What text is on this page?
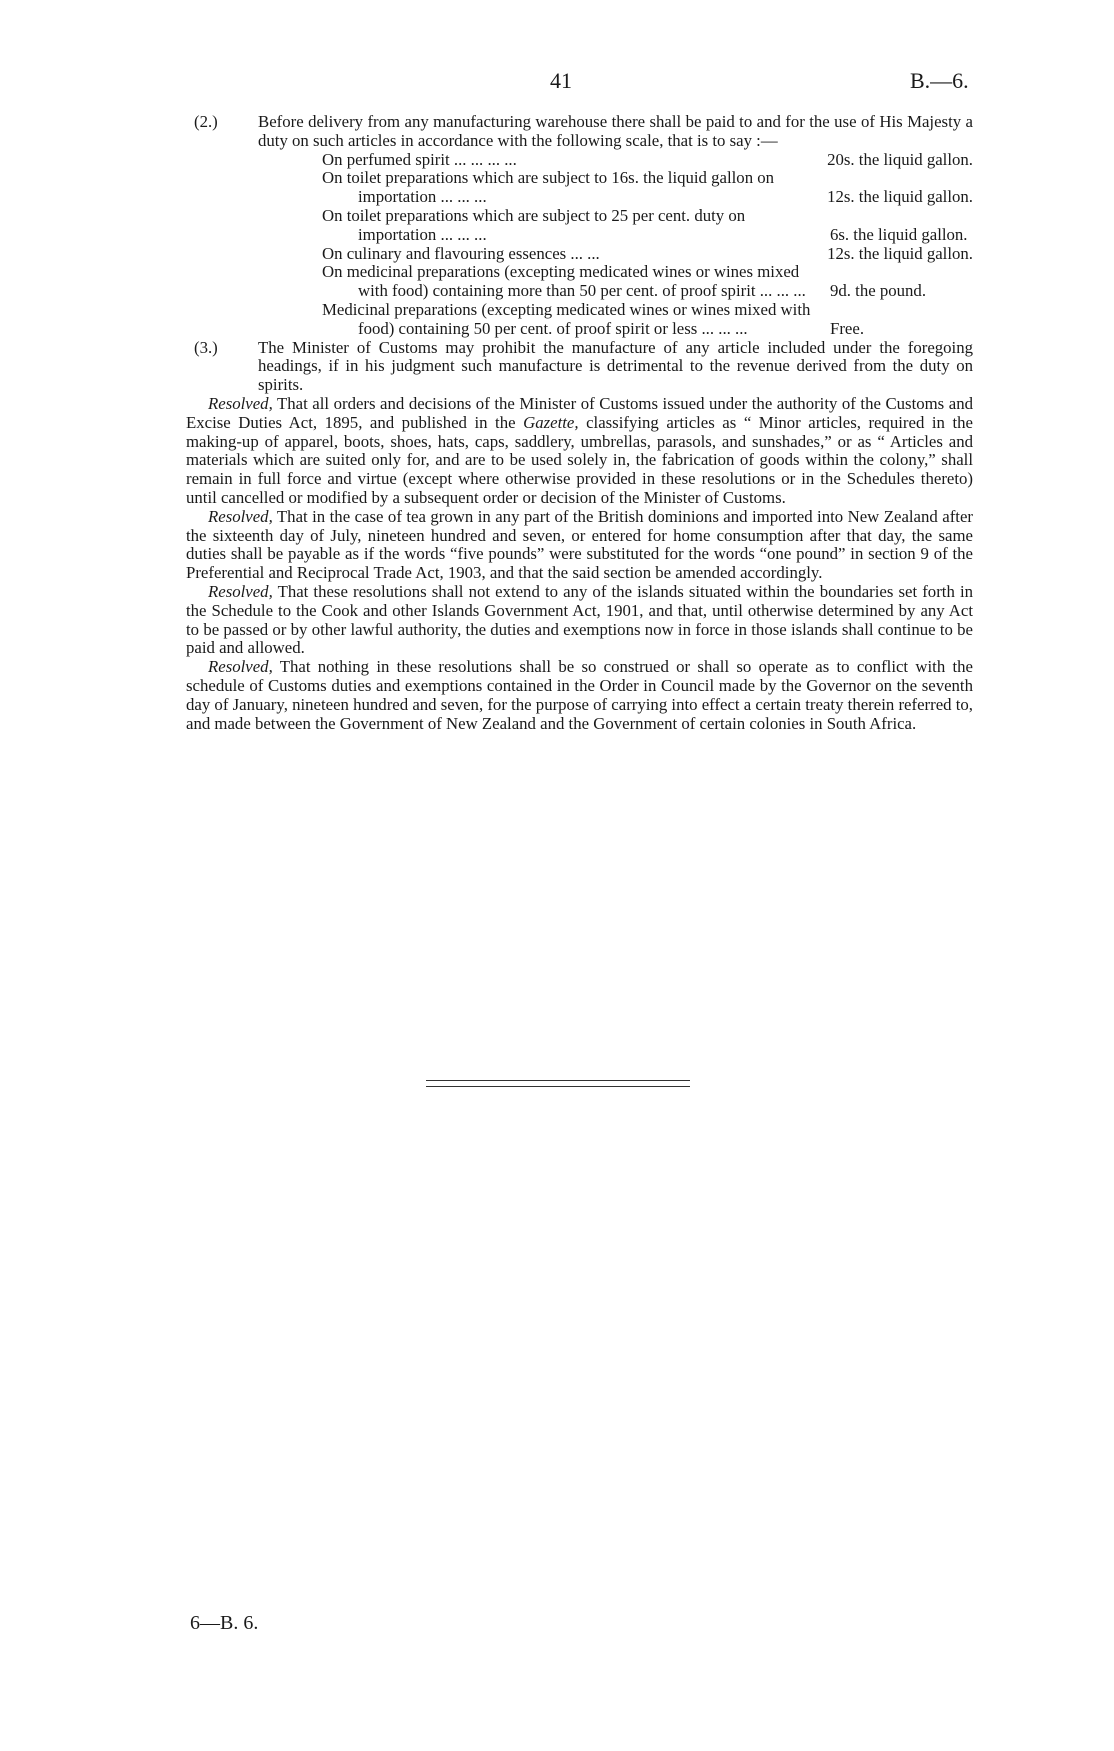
41	B.—6.

(2.) Before delivery from any manufacturing warehouse there shall be paid to and for the use of His Majesty a duty on such articles in accordance with the following scale, that is to say :—

On perfumed spirit ... ... ... ...	20s. the liquid gallon.
On toilet preparations which are subject to 16s. the liquid gallon on importation ... ... ...	12s. the liquid gallon.
On toilet preparations which are subject to 25 per cent. duty on importation ... ... ...	6s. the liquid gallon.
On culinary and flavouring essences ... ...	12s. the liquid gallon.
On medicinal preparations (excepting medicated wines or wines mixed with food) containing more than 50 per cent. of proof spirit ... ... ...	9d. the pound.
Medicinal preparations (excepting medicated wines or wines mixed with food) containing 50 per cent. of proof spirit or less ... ... ...	Free.

(3.) The Minister of Customs may prohibit the manufacture of any article included under the foregoing headings, if in his judgment such manufacture is detrimental to the revenue derived from the duty on spirits.

Resolved, That all orders and decisions of the Minister of Customs issued under the authority of the Customs and Excise Duties Act, 1895, and published in the Gazette, classifying articles as “ Minor articles, required in the making-up of apparel, boots, shoes, hats, caps, saddlery, umbrellas, parasols, and sunshades,” or as “ Articles and materials which are suited only for, and are to be used solely in, the fabrication of goods within the colony,” shall remain in full force and virtue (except where otherwise provided in these resolutions or in the Schedules thereto) until cancelled or modified by a subsequent order or decision of the Minister of Customs.

Resolved, That in the case of tea grown in any part of the British dominions and imported into New Zealand after the sixteenth day of July, nineteen hundred and seven, or entered for home consumption after that day, the same duties shall be payable as if the words “five pounds” were substituted for the words “one pound” in section 9 of the Preferential and Reciprocal Trade Act, 1903, and that the said section be amended accordingly.

Resolved, That these resolutions shall not extend to any of the islands situated within the boundaries set forth in the Schedule to the Cook and other Islands Government Act, 1901, and that, until otherwise determined by any Act to be passed or by other lawful authority, the duties and exemptions now in force in those islands shall continue to be paid and allowed.

Resolved, That nothing in these resolutions shall be so construed or shall so operate as to conflict with the schedule of Customs duties and exemptions contained in the Order in Council made by the Governor on the seventh day of January, nineteen hundred and seven, for the purpose of carrying into effect a certain treaty therein referred to, and made between the Government of New Zealand and the Government of certain colonies in South Africa.

6—B. 6.
